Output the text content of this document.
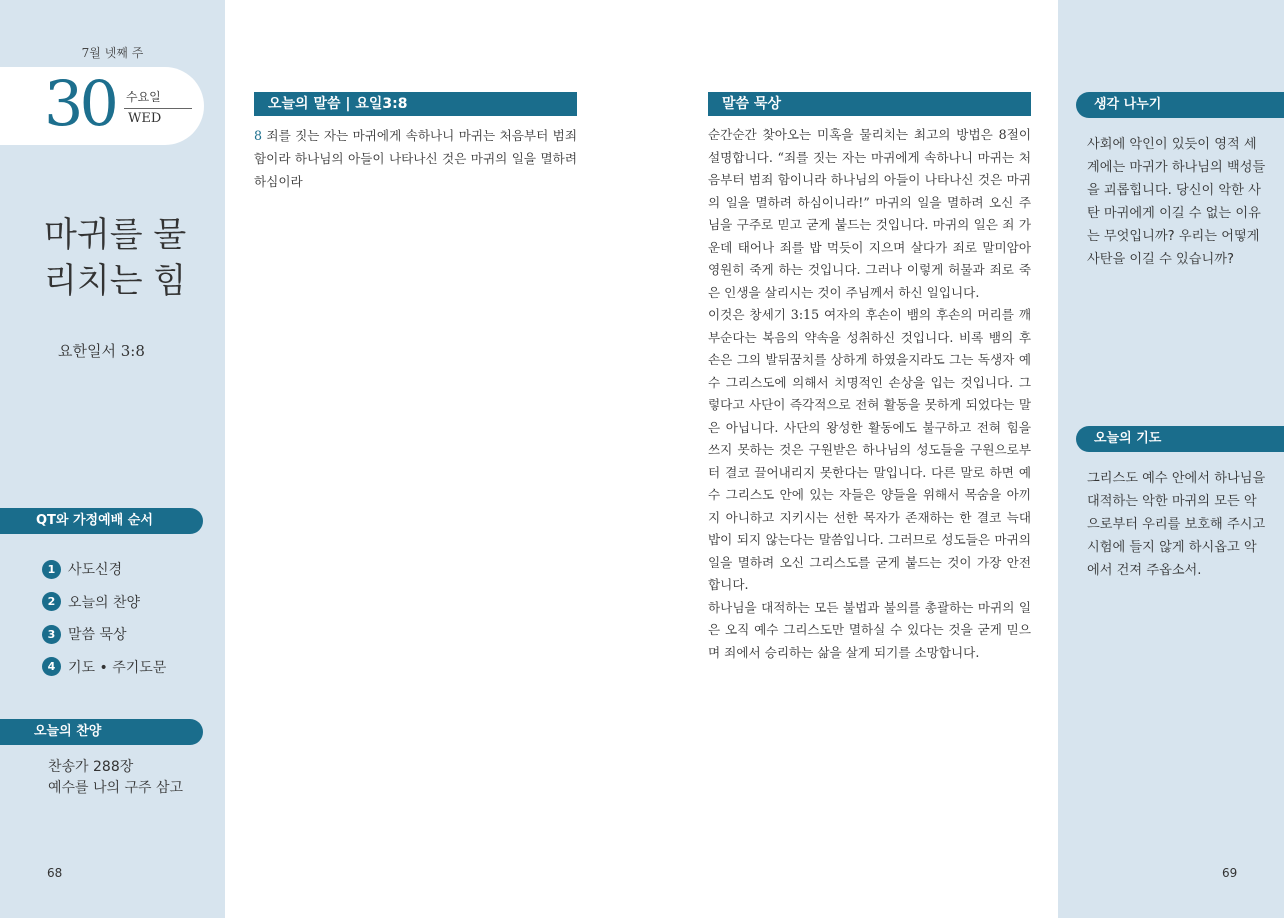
7월 넷째 주
30 수요일
WED
마귀를 물리치는 힘
요한일서 3:8
QT와 가정예배 순서
1 사도신경
2 오늘의 찬양
3 말씀 묵상
4 기도 • 주기도문
오늘의 찬양
찬송가 288장
예수를 나의 구주 삼고
68
오늘의 말씀 | 요일3:8
8 죄를 짓는 자는 마귀에게 속하나니 마귀는 처음부터 범죄함이라 하나님의 아들이 나타나신 것은 마귀의 일을 멸하려 하심이라
말씀 묵상

순간순간 찾아오는 미혹을 물리치는 최고의 방법은 8절이 설명합니다. “죄를 짓는 자는 마귀에게 속하나니 마귀는 처음부터 범죄 함이니라 하나님의 아들이 나타나신 것은 마귀의 일을 멸하려 하심이니라!” 마귀의 일을 멸하려 오신 주님을 구주로 믿고 굳게 붙드는 것입니다. 마귀의 일은 죄 가운데 태어나 죄를 밥 먹듯이 지으며 살다가 죄로 말미암아 영원히 죽게 하는 것입니다. 그러나 이렇게 허물과 죄로 죽은 인생을 살리시는 것이 주님께서 하신 일입니다.

이것은 창세기 3:15 여자의 후손이 뱀의 후손의 머리를 깨부순다는 복음의 약속을 성취하신 것입니다. 비록 뱀의 후손은 그의 발뒤꿈치를 상하게 하였을지라도 그는 독생자 예수 그리스도에 의해서 치명적인 손상을 입는 것입니다. 그렇다고 사단이 즉각적으로 전혀 활동을 못하게 되었다는 말은 아닙니다. 사단의 왕성한 활동에도 불구하고 전혀 힘을 쓰지 못하는 것은 구원받은 하나님의 성도들을 구원으로부터 결코 끌어내리지 못한다는 말입니다. 다른 말로 하면 예수 그리스도 안에 있는 자들은 양들을 위해서 목숨을 아끼지 아니하고 지키시는 선한 목자가 존재하는 한 결코 늑대 밥이 되지 않는다는 말씀입니다. 그러므로 성도들은 마귀의 일을 멸하려 오신 그리스도를 굳게 붙드는 것이 가장 안전합니다.

하나님을 대적하는 모든 불법과 불의를 총괄하는 마귀의 일은 오직 예수 그리스도만 멸하실 수 있다는 것을 굳게 믿으며 죄에서 승리하는 삶을 살게 되기를 소망합니다.

69
생각 나누기
사회에 악인이 있듯이 영적 세계에는 마귀가 하나님의 백성들을 괴롭힙니다. 당신이 악한 사탄 마귀에게 이길 수 없는 이유는 무엇입니까? 우리는 어떻게 사탄을 이길 수 있습니까?
오늘의 기도
그리스도 예수 안에서 하나님을 대적하는 악한 마귀의 모든 악으로부터 우리를 보호해 주시고 시험에 들지 않게 하시옵고 악에서 건져 주옵소서.
